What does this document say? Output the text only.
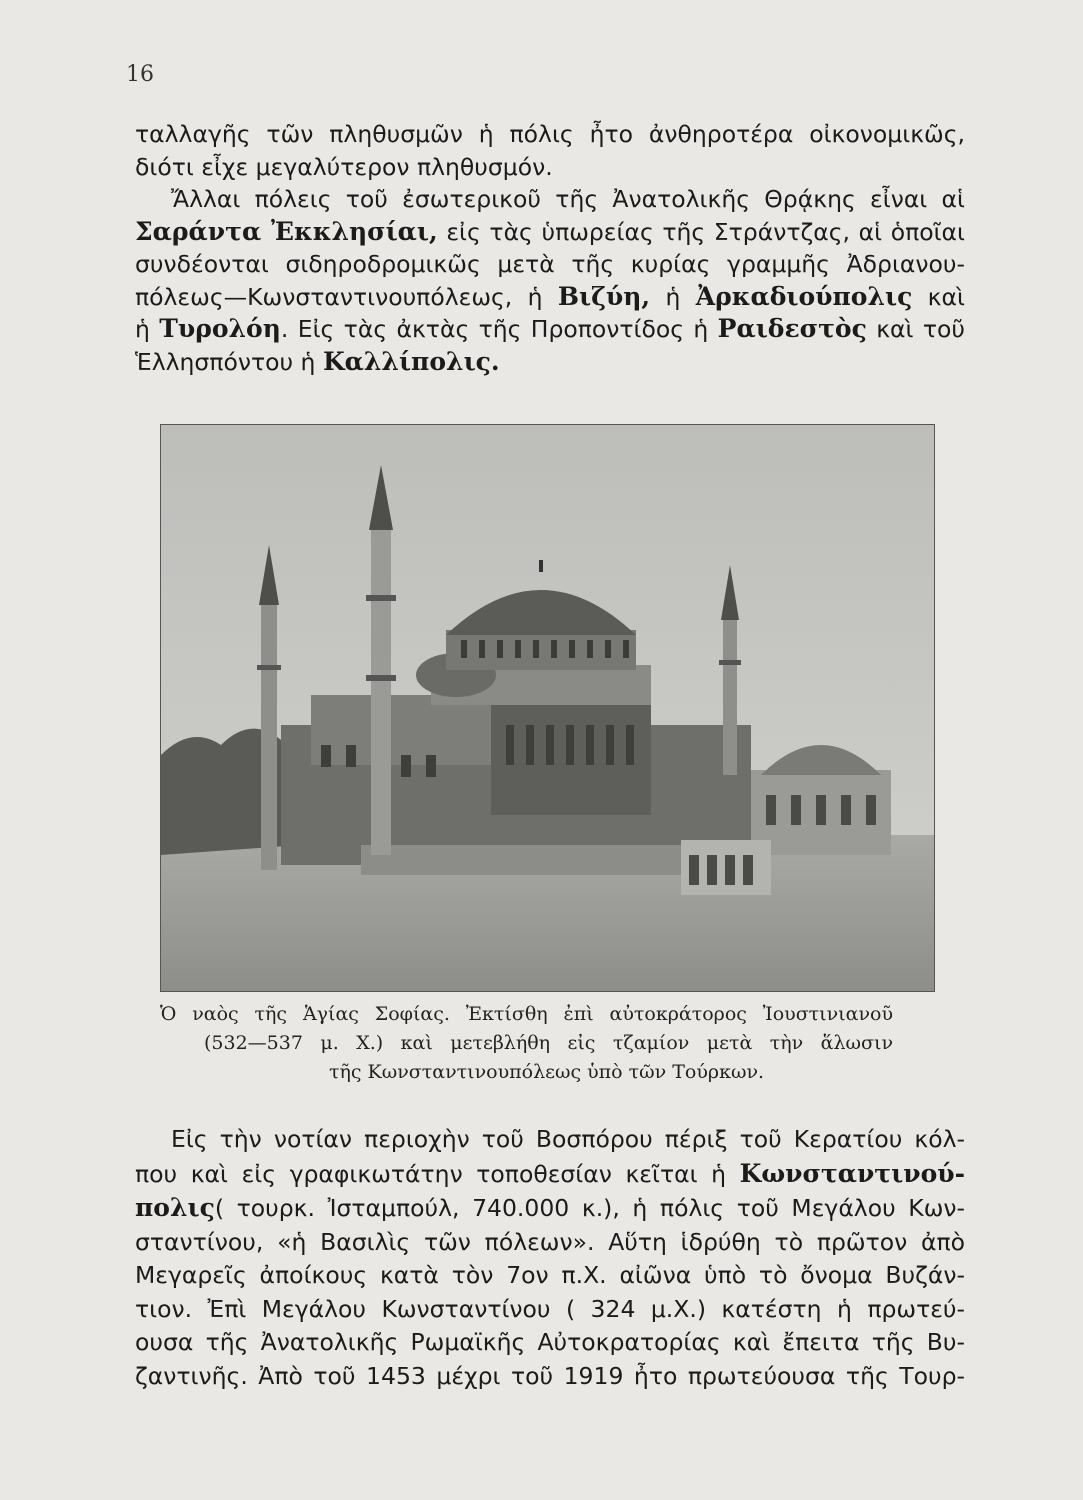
16
ταλλαγῆς τῶν πληθυσμῶν ἡ πόλις ἦτο ἀνθηροτέρα οἰκονομικῶς,
διότι εἶχε μεγαλύτερον πληθυσμόν.
Ἄλλαι πόλεις τοῦ ἐσωτερικοῦ τῆς Ἀνατολικῆς Θρᾴκης εἶναι αἱ
Σαράντα Ἐκκλησίαι, εἰς τὰς ὑπωρείας τῆς Στράντζας, αἱ ὁποῖαι
συνδέονται σιδηροδρομικῶς μετὰ τῆς κυρίας γραμμῆς Ἀδριανου-
πόλεως—Κωνσταντινουπόλεως, ἡ Βιζύη, ἡ Ἀρκαδιούπολις καὶ
ἡ Τυρολόη. Εἰς τὰς ἀκτὰς τῆς Προποντίδος ἡ Ραιδεστὸς καὶ τοῦ
Ἑλλησπόντου ἡ Καλλίπολις.
Ὁ ναὸς τῆς Ἁγίας Σοφίας. Ἐκτίσθη ἐπὶ αὐτοκράτορος Ἰουστινιανοῦ
(532—537 μ. Χ.) καὶ μετεβλήθη εἰς τζαμίον μετὰ τὴν ἅλωσιν
τῆς Κωνσταντινουπόλεως ὑπὸ τῶν Τούρκων.
Εἰς τὴν νοτίαν περιοχὴν τοῦ Βοσπόρου πέριξ τοῦ Κερατίου κόλ-
που καὶ εἰς γραφικωτάτην τοποθεσίαν κεῖται ἡ Κωνσταντινού-
πολις( τουρκ. Ἰσταμπούλ, 740.000 κ.), ἡ πόλις τοῦ Μεγάλου Κων-
σταντίνου, «ἡ Βασιλὶς τῶν πόλεων». Αὕτη ἱδρύθη τὸ πρῶτον ἀπὸ
Μεγαρεῖς ἀποίκους κατὰ τὸν 7ον π.Χ. αἰῶνα ὑπὸ τὸ ὄνομα Βυζάν-
τιον. Ἐπὶ Μεγάλου Κωνσταντίνου ( 324 μ.Χ.) κατέστη ἡ πρωτεύ-
ουσα τῆς Ἀνατολικῆς Ρωμαϊκῆς Αὐτοκρατορίας καὶ ἔπειτα τῆς Βυ-
ζαντινῆς. Ἀπὸ τοῦ 1453 μέχρι τοῦ 1919 ἦτο πρωτεύουσα τῆς Τουρ-
